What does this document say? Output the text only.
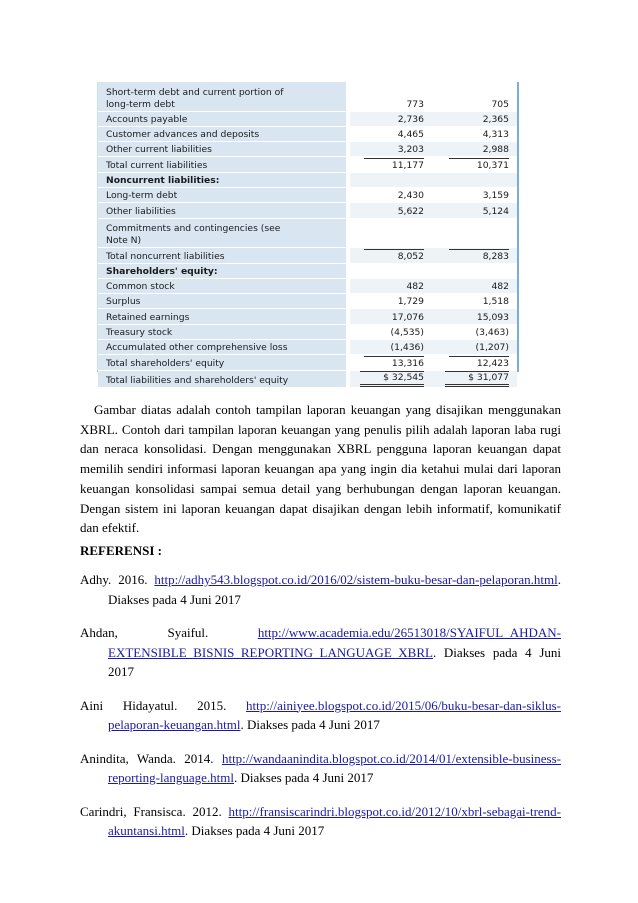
Short-term debt and current portion of
long-term debt	773	705
Accounts payable	2,736	2,365
Customer advances and deposits	4,465	4,313
Other current liabilities	3,203	2,988
Total current liabilities	11,177	10,371
Noncurrent liabilities:		
Long-term debt	2,430	3,159
Other liabilities	5,622	5,124

Commitments and contingencies (see
Note N)		

Total noncurrent liabilities	8,052	8,283
Shareholders' equity:		
Common stock	482	482
Surplus	1,729	1,518
Retained earnings	17,076	15,093
Treasury stock	(4,535)	(3,463)
Accumulated other comprehensive loss	(1,436)	(1,207)
Total shareholders' equity	13,316	12,423
Total liabilities and shareholders' equity	$ 32,545	$ 31,077

Gambar diatas adalah contoh tampilan laporan keuangan yang disajikan menggunakan XBRL. Contoh dari tampilan laporan keuangan yang penulis pilih adalah laporan laba rugi dan neraca konsolidasi. Dengan menggunakan XBRL pengguna laporan keuangan dapat memilih sendiri informasi laporan keuangan apa yang ingin dia ketahui mulai dari laporan keuangan konsolidasi sampai semua detail yang berhubungan dengan laporan keuangan. Dengan sistem ini laporan keuangan dapat disajikan dengan lebih informatif, komunikatif dan efektif.

REFERENSI :

Adhy. 2016. http://adhy543.blogspot.co.id/2016/02/sistem-buku-besar-dan-pelaporan.html. Diakses pada 4 Juni 2017
Ahdan, Syaiful. http://www.academia.edu/26513018/SYAIFUL_AHDAN-EXTENSIBLE_BISNIS_REPORTING_LANGUAGE_XBRL. Diakses pada 4 Juni 2017
Aini Hidayatul. 2015. http://ainiyee.blogspot.co.id/2015/06/buku-besar-dan-siklus-pelaporan-keuangan.html. Diakses pada 4 Juni 2017
Anindita, Wanda. 2014. http://wandaanindita.blogspot.co.id/2014/01/extensible-business-reporting-language.html. Diakses pada 4 Juni 2017
Carindri, Fransisca. 2012. http://fransiscarindri.blogspot.co.id/2012/10/xbrl-sebagai-trend-akuntansi.html. Diakses pada 4 Juni 2017
